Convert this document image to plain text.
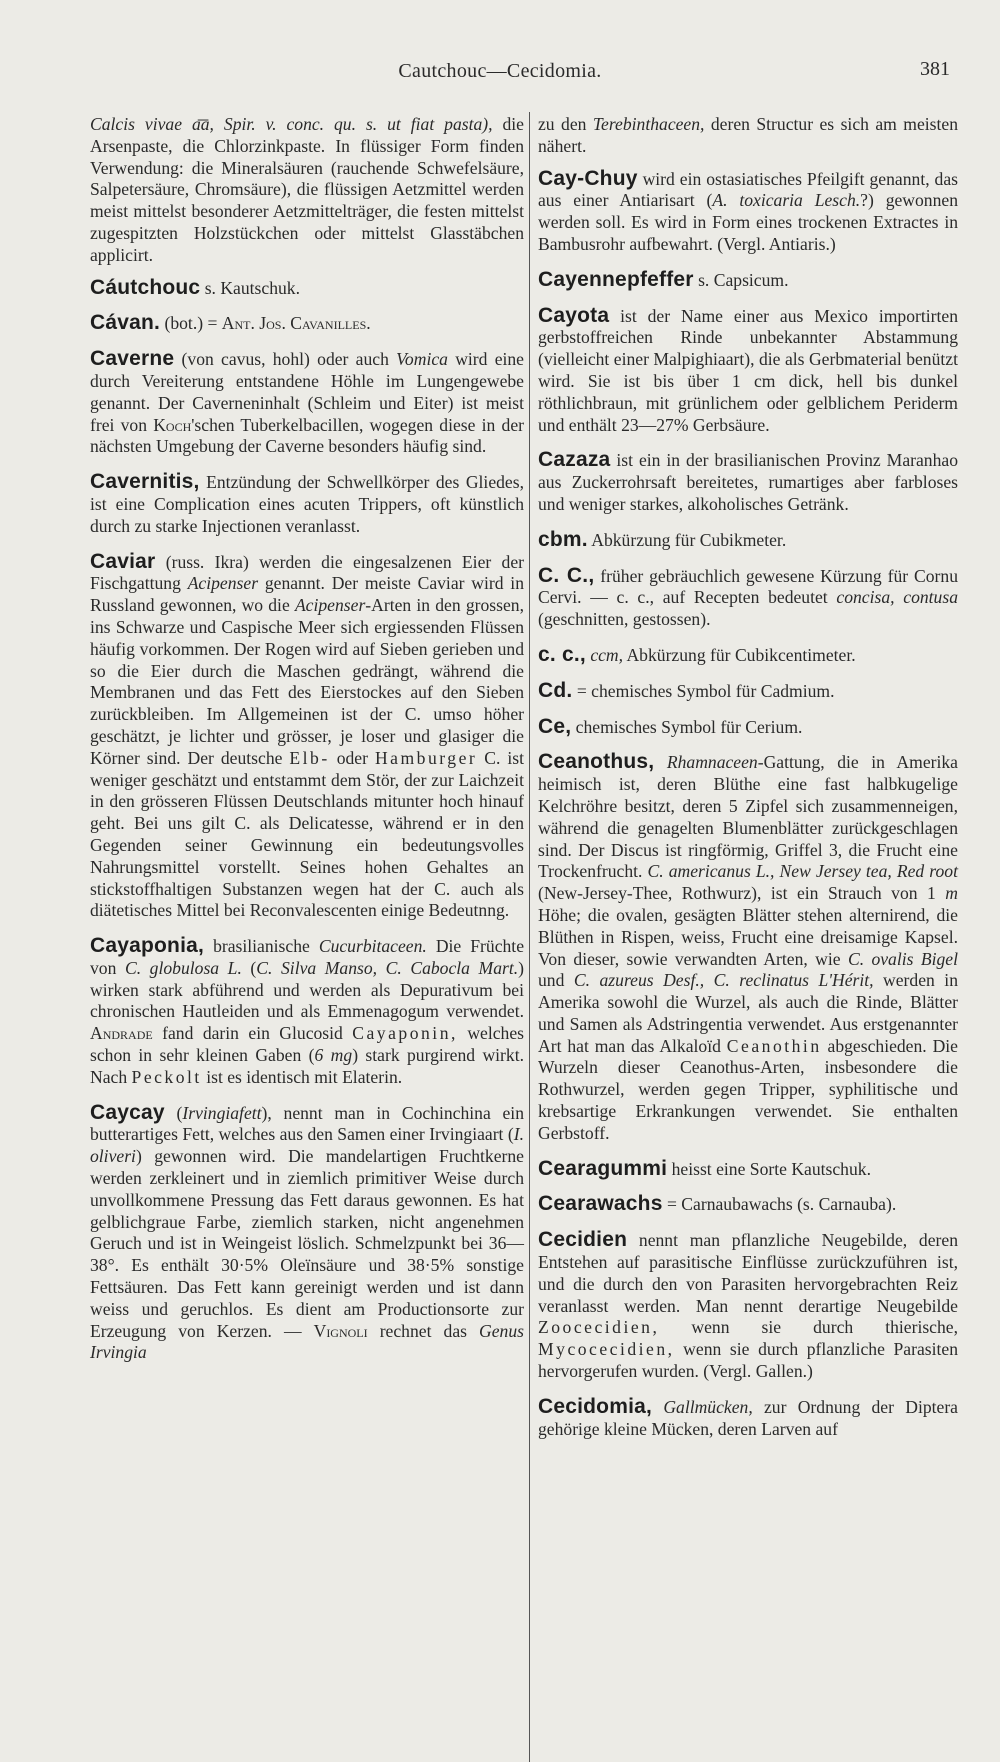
Cautchouc—Cecidomia.	381

Calcis vivae a͞a, Spir. v. conc. qu. s. ut fiat pasta), die Arsenpaste, die Chlorzinkpaste. In flüssiger Form finden Verwendung: die Mineralsäuren (rauchende Schwefelsäure, Salpetersäure, Chromsäure), die flüssigen Aetzmittel werden meist mittelst besonderer Aetzmittelträger, die festen mittelst zugespitzten Holzstückchen oder mittelst Glasstäbchen applicirt.

Cáutchouc s. Kautschuk.

Cávan. (bot.) = Ant. Jos. Cavanilles.

Caverne (von cavus, hohl) oder auch Vomica wird eine durch Vereiterung entstandene Höhle im Lungengewebe genannt. Der Caverneninhalt (Schleim und Eiter) ist meist frei von Koch'schen Tuberkelbacillen, wogegen diese in der nächsten Umgebung der Caverne besonders häufig sind.

Cavernitis, Entzündung der Schwellkörper des Gliedes, ist eine Complication eines acuten Trippers, oft künstlich durch zu starke Injectionen veranlasst.

Caviar (russ. Ikra) werden die eingesalzenen Eier der Fischgattung Acipenser genannt. Der meiste Caviar wird in Russland gewonnen, wo die Acipenser-Arten in den grossen, ins Schwarze und Caspische Meer sich ergiessenden Flüssen häufig vorkommen. Der Rogen wird auf Sieben gerieben und so die Eier durch die Maschen gedrängt, während die Membranen und das Fett des Eierstockes auf den Sieben zurückbleiben. Im Allgemeinen ist der C. umso höher geschätzt, je lichter und grösser, je loser und glasiger die Körner sind. Der deutsche Elb- oder Hamburger C. ist weniger geschätzt und entstammt dem Stör, der zur Laichzeit in den grösseren Flüssen Deutschlands mitunter hoch hinauf geht. Bei uns gilt C. als Delicatesse, während er in den Gegenden seiner Gewinnung ein bedeutungsvolles Nahrungsmittel vorstellt. Seines hohen Gehaltes an stickstoffhaltigen Substanzen wegen hat der C. auch als diätetisches Mittel bei Reconvalescenten einige Bedeutnng.

Cayaponia, brasilianische Cucurbitaceen. Die Früchte von C. globulosa L. (C. Silva Manso, C. Cabocla Mart.) wirken stark abführend und werden als Depurativum bei chronischen Hautleiden und als Emmenagogum verwendet. Andrade fand darin ein Glucosid Cayaponin, welches schon in sehr kleinen Gaben (6 mg) stark purgirend wirkt. Nach Peckolt ist es identisch mit Elaterin.

Caycay (Irvingiafett), nennt man in Cochinchina ein butterartiges Fett, welches aus den Samen einer Irvingiaart (I. oliveri) gewonnen wird. Die mandelartigen Fruchtkerne werden zerkleinert und in ziemlich primitiver Weise durch unvollkommene Pressung das Fett daraus gewonnen. Es hat gelblichgraue Farbe, ziemlich starken, nicht angenehmen Geruch und ist in Weingeist löslich. Schmelzpunkt bei 36—38°. Es enthält 30·5% Oleïnsäure und 38·5% sonstige Fettsäuren. Das Fett kann gereinigt werden und ist dann weiss und geruchlos. Es dient am Productionsorte zur Erzeugung von Kerzen. — Vignoli rechnet das Genus Irvingia

zu den Terebinthaceen, deren Structur es sich am meisten nähert.

Cay-Chuy wird ein ostasiatisches Pfeilgift genannt, das aus einer Antiarisart (A. toxicaria Lesch.?) gewonnen werden soll. Es wird in Form eines trockenen Extractes in Bambusrohr aufbewahrt. (Vergl. Antiaris.)

Cayennepfeffer s. Capsicum.

Cayota ist der Name einer aus Mexico importirten gerbstoffreichen Rinde unbekannter Abstammung (vielleicht einer Malpighiaart), die als Gerbmaterial benützt wird. Sie ist bis über 1 cm dick, hell bis dunkel röthlichbraun, mit grünlichem oder gelblichem Periderm und enthält 23—27% Gerbsäure.

Cazaza ist ein in der brasilianischen Provinz Maranhao aus Zuckerrohrsaft bereitetes, rumartiges aber farbloses und weniger starkes, alkoholisches Getränk.

cbm. Abkürzung für Cubikmeter.

C. C., früher gebräuchlich gewesene Kürzung für Cornu Cervi. — c. c., auf Recepten bedeutet concisa, contusa (geschnitten, gestossen).

c. c., ccm, Abkürzung für Cubikcentimeter.

Cd. = chemisches Symbol für Cadmium.

Ce, chemisches Symbol für Cerium.

Ceanothus, Rhamnaceen-Gattung, die in Amerika heimisch ist, deren Blüthe eine fast halbkugelige Kelchröhre besitzt, deren 5 Zipfel sich zusammenneigen, während die genagelten Blumenblätter zurückgeschlagen sind. Der Discus ist ringförmig, Griffel 3, die Frucht eine Trockenfrucht. C. americanus L., New Jersey tea, Red root (New-Jersey-Thee, Rothwurz), ist ein Strauch von 1 m Höhe; die ovalen, gesägten Blätter stehen alternirend, die Blüthen in Rispen, weiss, Frucht eine dreisamige Kapsel. Von dieser, sowie verwandten Arten, wie C. ovalis Bigel und C. azureus Desf., C. reclinatus L'Hérit, werden in Amerika sowohl die Wurzel, als auch die Rinde, Blätter und Samen als Adstringentia verwendet. Aus erstgenannter Art hat man das Alkaloïd Ceanothin abgeschieden. Die Wurzeln dieser Ceanothus-Arten, insbesondere die Rothwurzel, werden gegen Tripper, syphilitische und krebsartige Erkrankungen verwendet. Sie enthalten Gerbstoff.

Cearagummi heisst eine Sorte Kautschuk.

Cearawachs = Carnaubawachs (s. Carnauba).

Cecidien nennt man pflanzliche Neugebilde, deren Entstehen auf parasitische Einflüsse zurückzuführen ist, und die durch den von Parasiten hervorgebrachten Reiz veranlasst werden. Man nennt derartige Neugebilde Zoocecidien, wenn sie durch thierische, Mycocecidien, wenn sie durch pflanzliche Parasiten hervorgerufen wurden. (Vergl. Gallen.)

Cecidomia, Gallmücken, zur Ordnung der Diptera gehörige kleine Mücken, deren Larven auf
